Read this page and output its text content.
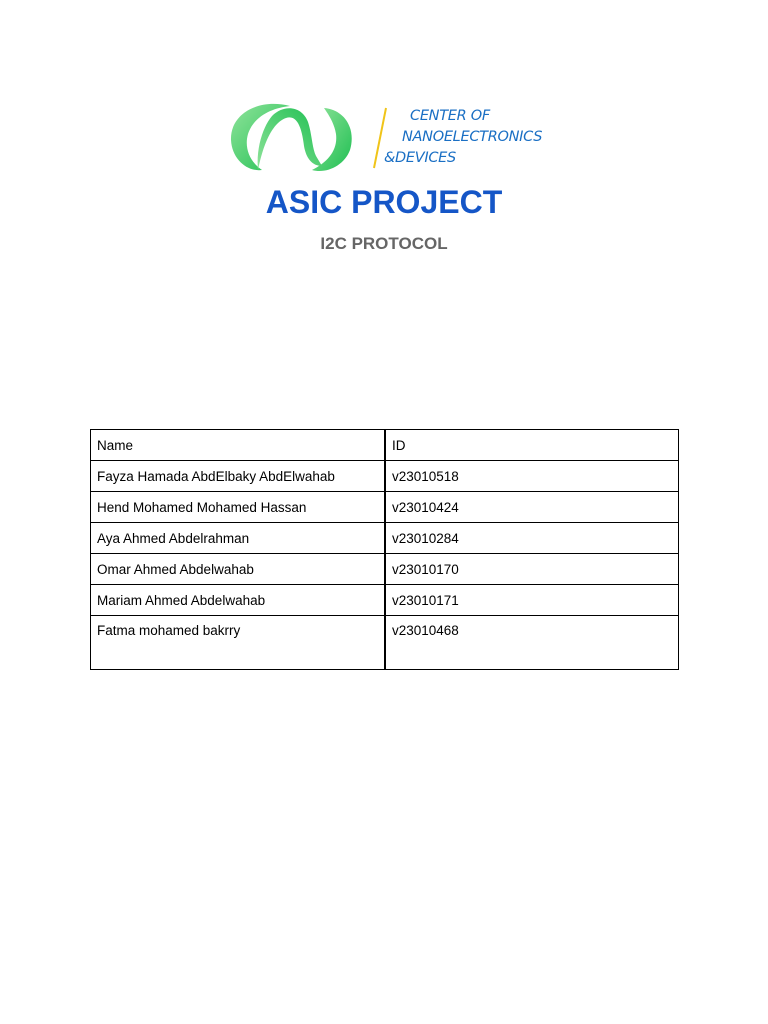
CENTER OF
NANOELECTRONICS
&DEVICES
ASIC PROJECT
I2C PROTOCOL
Name	ID
Fayza Hamada AbdElbaky AbdElwahab	v23010518
Hend Mohamed Mohamed Hassan	v23010424
Aya Ahmed Abdelrahman	v23010284
Omar Ahmed Abdelwahab	v23010170
Mariam Ahmed Abdelwahab	v23010171
Fatma mohamed bakrry	v23010468
